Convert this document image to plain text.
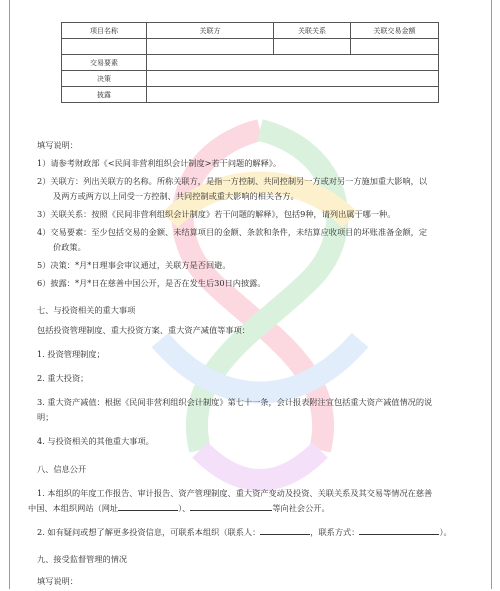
项目名称	关联方	关联关系	关联交易金额

交易要素			
决策			
披露			
填写说明：
1）请参考财政部《<民间非营利组织会计制度>若干问题的解释》。
2）关联方：列出关联方的名称。所称关联方，是指一方控制、共同控制另一方或对另一方施加重大影响，以
及两方或两方以上同受一方控制、共同控制或重大影响的相关各方。
3）关联关系：按照《民间非营利组织会计制度》若干问题的解释》，包括9种，请列出属于哪一种。
4）交易要素：至少包括交易的金额、未结算项目的金额、条款和条件，未结算应收项目的坏账准备金额，定
价政策。
5）决策：*月*日理事会审议通过，关联方是否回避。
6）披露：*月*日在慈善中国公开，是否在发生后30日内披露。
七、与投资相关的重大事项
包括投资管理制度、重大投资方案、重大资产减值等事项：
1. 投资管理制度；
2. 重大投资；
3. 重大资产减值：根据《民间非营利组织会计制度》第七十一条，会计报表附注宜包括重大资产减值情况的说
明；
4. 与投资相关的其他重大事项。
八、信息公开
1. 本组织的年度工作报告、审计报告、资产管理制度、重大资产变动及投资、关联关系及其交易等情况在慈善
中国、本组织网站（网址	）、	等向社会公开。
2. 如有疑问或想了解更多投资信息，可联系本组织（联系人：	，联系方式：	）。
九、接受监督管理的情况
填写说明：
